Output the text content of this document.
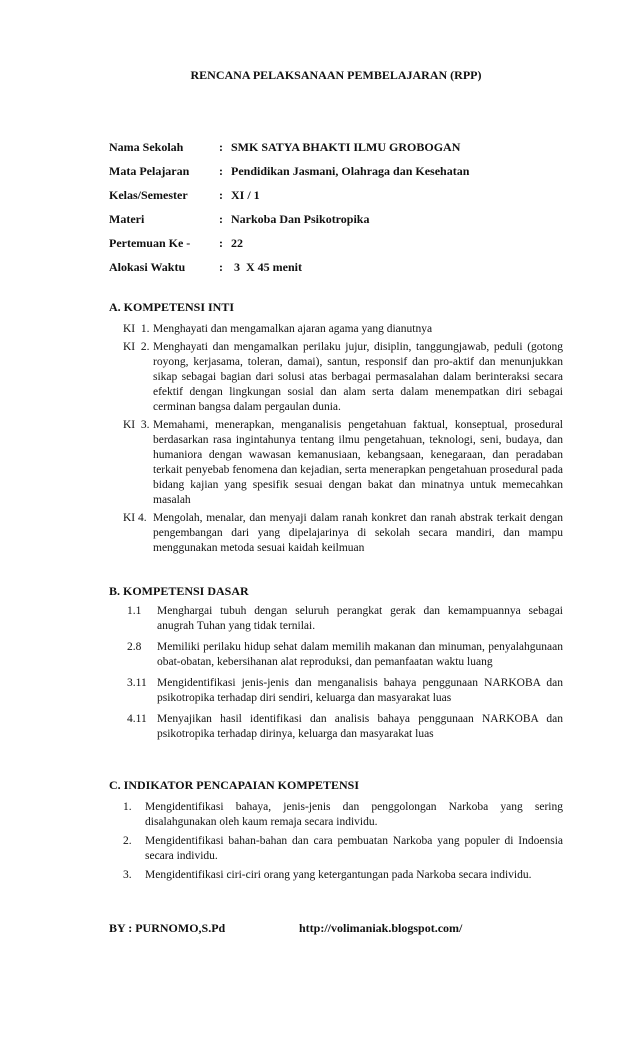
RENCANA PELAKSANAAN PEMBELAJARAN (RPP)
Nama Sekolah	: SMK SATYA BHAKTI ILMU GROBOGAN
Mata Pelajaran	: Pendidikan Jasmani, Olahraga dan Kesehatan
Kelas/Semester	: XI / 1
Materi	: Narkoba Dan Psikotropika
Pertemuan Ke -	: 22
Alokasi Waktu	: 3  X 45 menit
A. KOMPETENSI INTI
KI  1. Menghayati dan mengamalkan ajaran agama yang dianutnya
KI  2. Menghayati dan mengamalkan perilaku jujur, disiplin, tanggungjawab, peduli (gotong royong, kerjasama, toleran, damai), santun, responsif dan pro-aktif dan menunjukkan sikap sebagai bagian dari solusi atas berbagai permasalahan dalam berinteraksi secara efektif dengan lingkungan sosial dan alam serta dalam menempatkan diri sebagai cerminan bangsa dalam pergaulan dunia.
KI  3. Memahami, menerapkan, menganalisis pengetahuan faktual, konseptual, prosedural berdasarkan rasa ingintahunya tentang ilmu pengetahuan, teknologi, seni, budaya, dan humaniora dengan wawasan kemanusiaan, kebangsaan, kenegaraan, dan peradaban terkait penyebab fenomena dan kejadian, serta menerapkan pengetahuan prosedural pada bidang kajian yang spesifik sesuai dengan bakat dan minatnya untuk memecahkan masalah
KI 4. Mengolah, menalar, dan menyaji dalam ranah konkret dan ranah abstrak terkait dengan pengembangan dari yang dipelajarinya di sekolah secara mandiri, dan mampu menggunakan metoda sesuai kaidah keilmuan
B. KOMPETENSI DASAR
1.1 Menghargai tubuh dengan seluruh perangkat gerak dan kemampuannya sebagai anugrah Tuhan yang tidak ternilai.
2.8 Memiliki perilaku hidup sehat dalam memilih makanan dan minuman, penyalahgunaan obat-obatan, kebersihanan alat reproduksi, dan pemanfaatan waktu luang
3.11 Mengidentifikasi jenis-jenis dan menganalisis bahaya penggunaan NARKOBA dan psikotropika terhadap diri sendiri, keluarga dan masyarakat luas
4.11 Menyajikan hasil identifikasi dan analisis bahaya penggunaan NARKOBA dan psikotropika terhadap dirinya, keluarga dan masyarakat luas
C. INDIKATOR PENCAPAIAN KOMPETENSI
1. Mengidentifikasi bahaya, jenis-jenis dan penggolongan Narkoba yang sering disalahgunakan oleh kaum remaja secara individu.
2. Mengidentifikasi bahan-bahan dan cara pembuatan Narkoba yang populer di Indoensia secara individu.
3. Mengidentifikasi ciri-ciri orang yang ketergantungan pada Narkoba secara individu.
BY : PURNOMO,S.Pd	http://volimaniak.blogspot.com/
